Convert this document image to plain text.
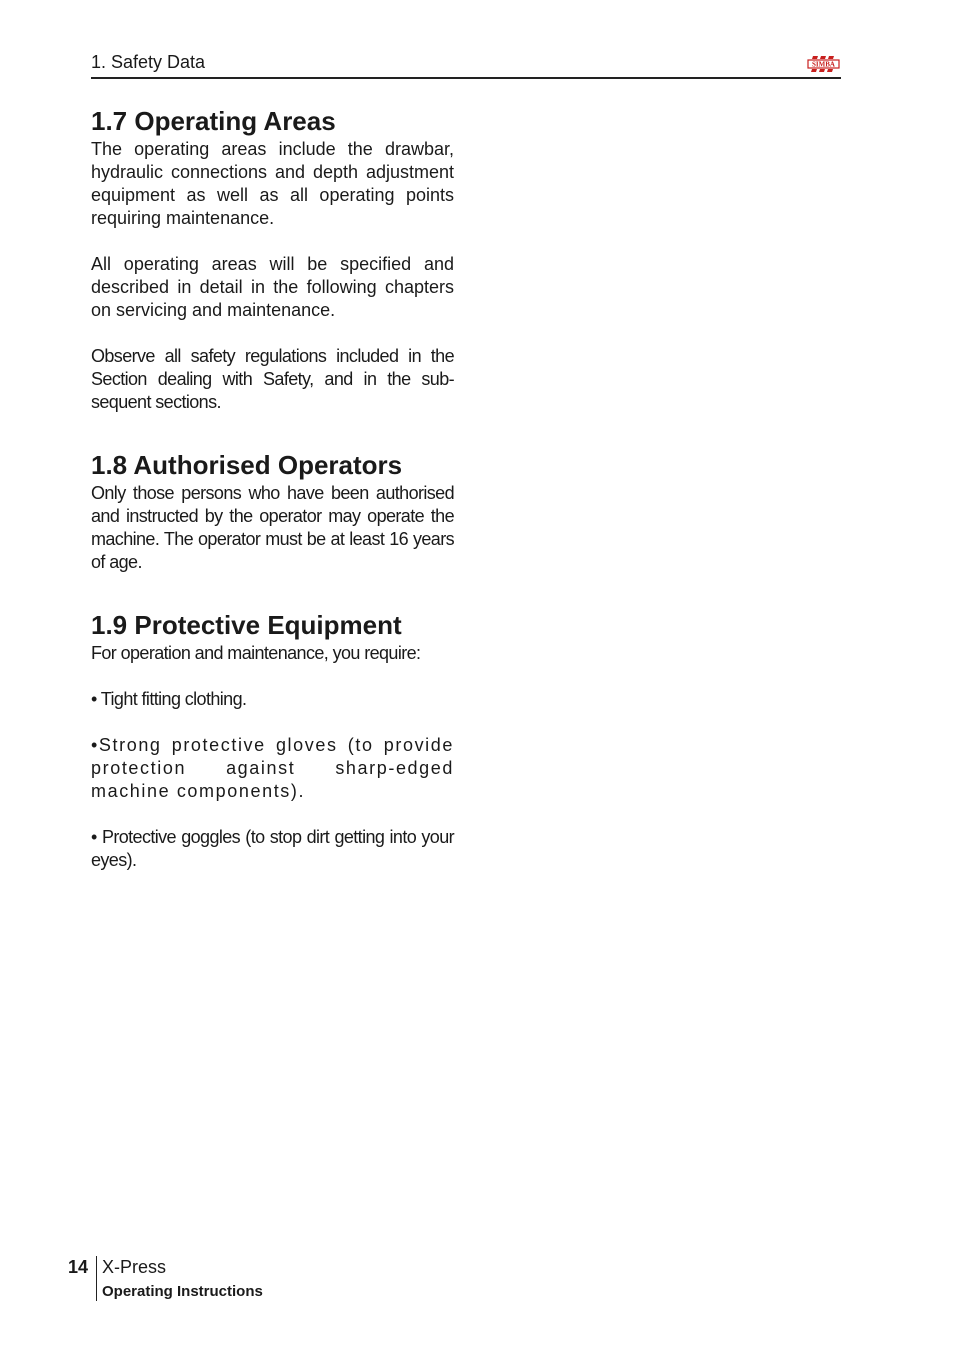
1. Safety Data	SIMBA
1.7 Operating Areas

The operating areas include the drawbar, hydraulic connections and depth adjustment equipment as well as all operating points requiring maintenance.

All operating areas will be specified and described in detail in the following chapters on servicing and maintenance.

Observe all safety regulations included in the Section dealing with Safety, and in the sub-sequent sections.

1.8 Authorised Operators

Only those persons who have been authorised and instructed by the operator may operate the machine. The operator must be at least 16 years of age.

1.9 Protective Equipment

For operation and maintenance, you require:

• Tight fitting clothing.

•Strong protective gloves (to provide protection against sharp-edged machine components).

• Protective goggles (to stop dirt getting into your eyes).

14 X-Press
Operating Instructions
